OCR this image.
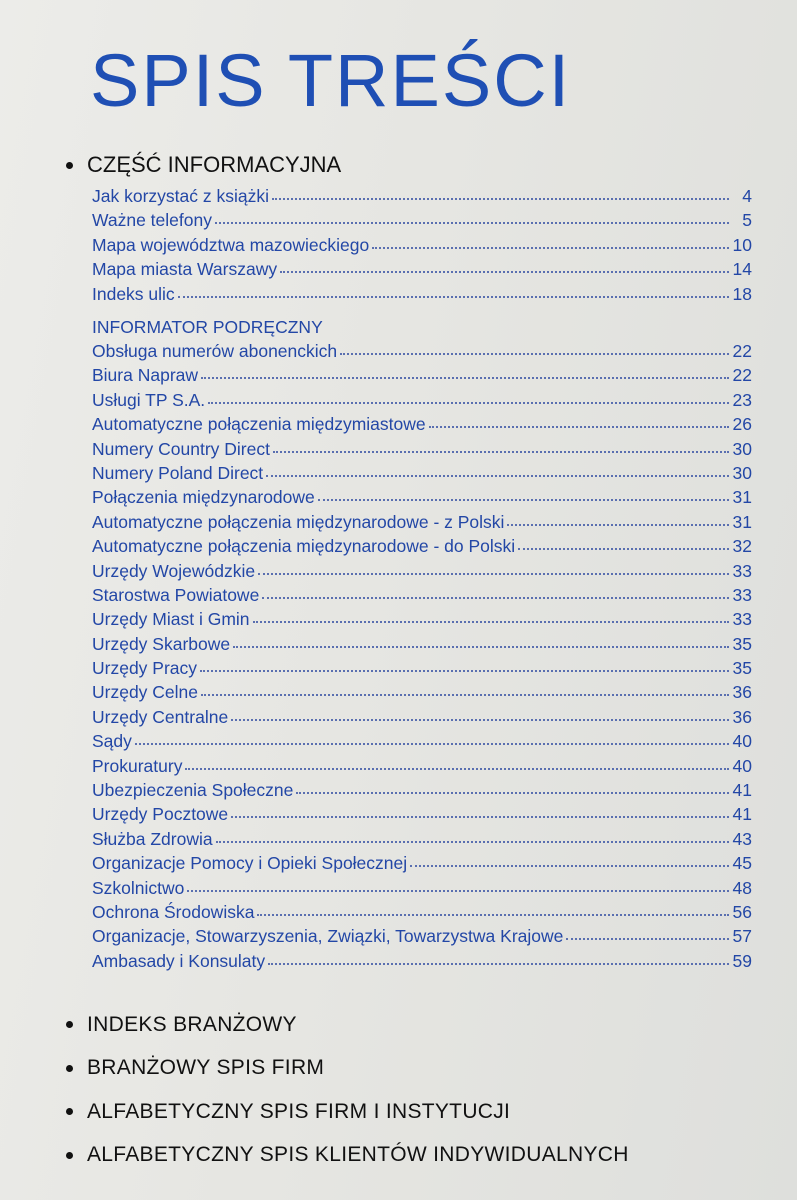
SPIS TREŚCI
CZĘŚĆ INFORMACYJNA
Jak korzystać z książki	4
Ważne telefony	5
Mapa województwa mazowieckiego	10
Mapa miasta Warszawy	14
Indeks ulic	18
INFORMATOR PODRĘCZNY
Obsługa numerów abonenckich	22
Biura Napraw	22
Usługi TP S.A.	23
Automatyczne połączenia międzymiastowe	26
Numery Country Direct	30
Numery Poland Direct	30
Połączenia międzynarodowe	31
Automatyczne połączenia międzynarodowe - z Polski	31
Automatyczne połączenia międzynarodowe - do Polski	32
Urzędy Wojewódzkie	33
Starostwa Powiatowe	33
Urzędy Miast i Gmin	33
Urzędy Skarbowe	35
Urzędy Pracy	35
Urzędy Celne	36
Urzędy Centralne	36
Sądy	40
Prokuratury	40
Ubezpieczenia Społeczne	41
Urzędy Pocztowe	41
Służba Zdrowia	43
Organizacje Pomocy i Opieki Społecznej	45
Szkolnictwo	48
Ochrona Środowiska	56
Organizacje, Stowarzyszenia, Związki, Towarzystwa Krajowe	57
Ambasady i Konsulaty	59
INDEKS BRANŻOWY
BRANŻOWY SPIS FIRM
ALFABETYCZNY SPIS FIRM I INSTYTUCJI
ALFABETYCZNY SPIS KLIENTÓW INDYWIDUALNYCH
